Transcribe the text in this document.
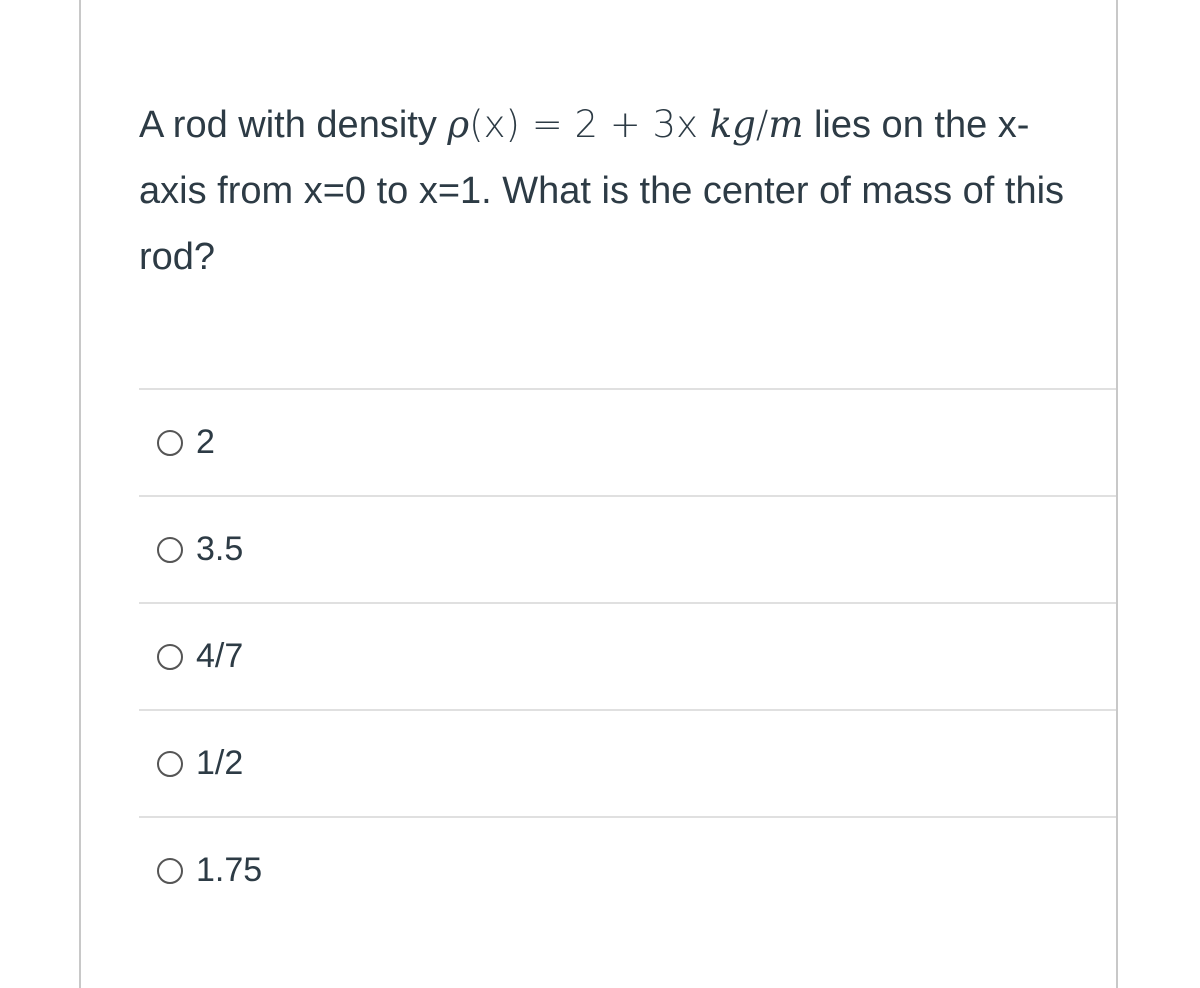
A rod with density ρ(x) = 2 + 3x kg/m lies on the x-axis from x=0 to x=1. What is the center of mass of this rod?
2
3.5
4/7
1/2
1.75
